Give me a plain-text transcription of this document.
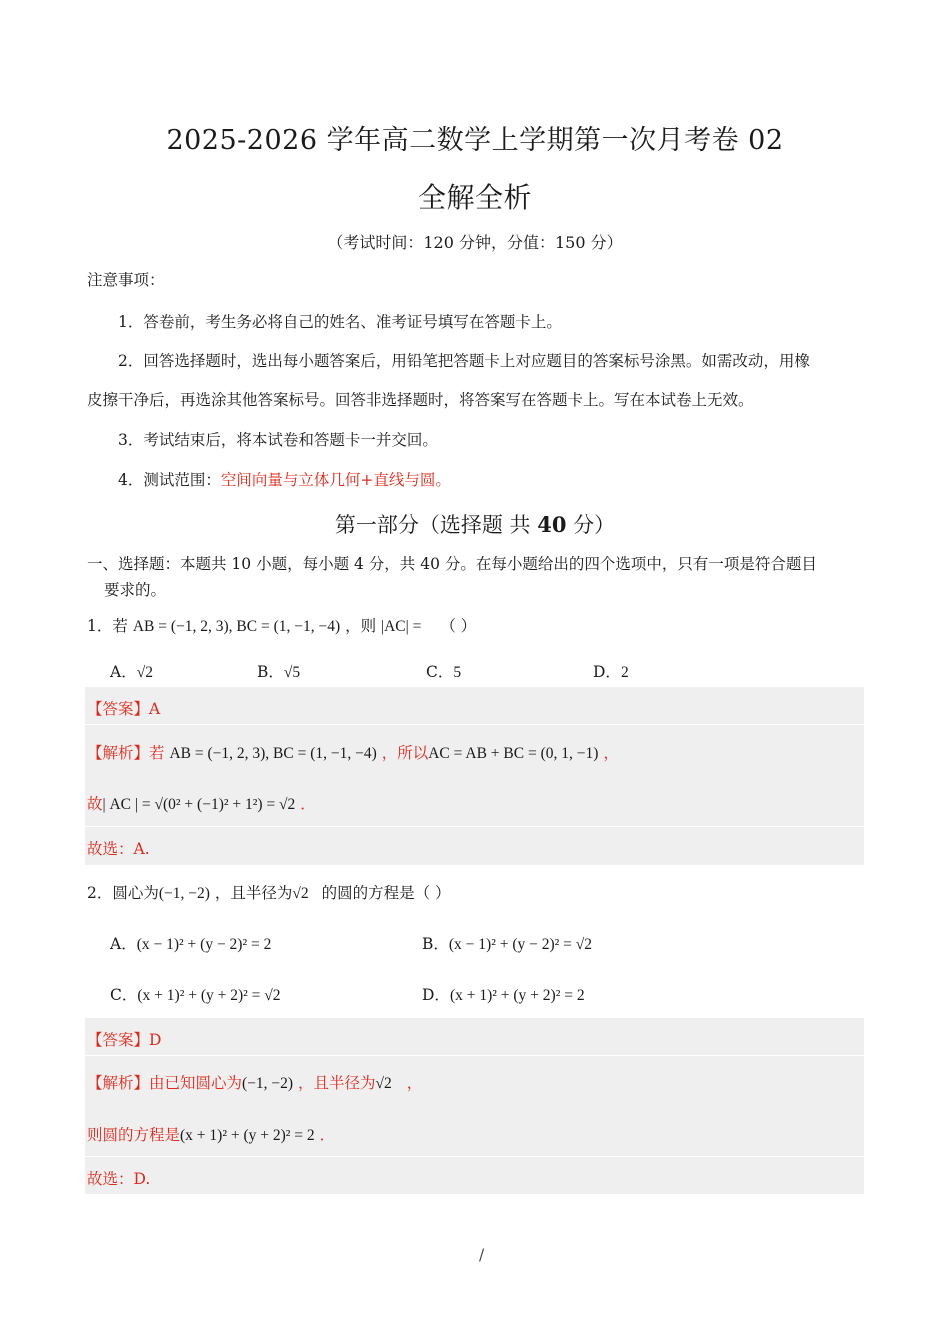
2025-2026 学年高二数学上学期第一次月考卷 02
全解全析
（考试时间：120 分钟，分值：150 分）
注意事项：
1．答卷前，考生务必将自己的姓名、准考证号填写在答题卡上。
2．回答选择题时，选出每小题答案后，用铅笔把答题卡上对应题目的答案标号涂黑。如需改动，用橡
皮擦干净后，再选涂其他答案标号。回答非选择题时，将答案写在答题卡上。写在本试卷上无效。
3．考试结束后，将本试卷和答题卡一并交回。
4．测试范围：空间向量与立体几何+直线与圆。
第一部分（选择题 共 40 分）
一、选择题：本题共 10 小题，每小题 4 分，共 40 分。在每小题给出的四个选项中，只有一项是符合题目
要求的。
1．若 AB = (−1, 2, 3), BC = (1, −1, −4) ，则 |AC| = （ ）
A．√2	B．√5	C．5	D．2
【答案】A
【解析】若 AB = (−1, 2, 3), BC = (1, −1, −4) ，所以AC = AB + BC = (0, 1, −1) ，
故| AC | = √(0² + (−1)² + 1²) = √2 ．
故选：A.
2．圆心为(−1, −2) ，且半径为√2 的圆的方程是（ ）
A．(x − 1)² + (y − 2)² = 2	B．(x − 1)² + (y − 2)² = √2
C．(x + 1)² + (y + 2)² = √2	D．(x + 1)² + (y + 2)² = 2
【答案】D
【解析】由已知圆心为(−1, −2) ，且半径为√2 ，
则圆的方程是(x + 1)² + (y + 2)² = 2 ．
故选：D.
/
